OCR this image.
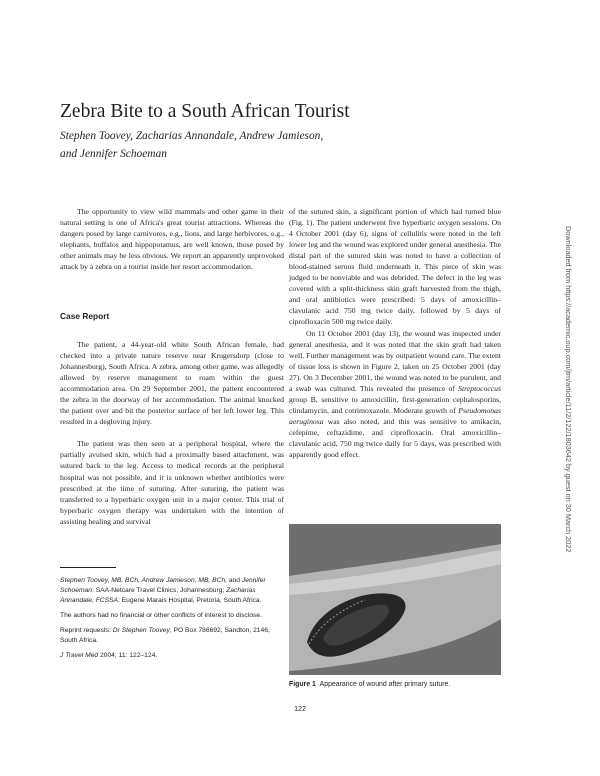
Zebra Bite to a South African Tourist
Stephen Toovey, Zacharias Annandale, Andrew Jamieson,
and Jennifer Schoeman

The opportunity to view wild mammals and other game in their natural setting is one of Africa's great tourist attractions. Whereas the dangers posed by large carnivores, e.g., lions, and large herbivores, e.g., elephants, buffalos and hippopotamus, are well known, those posed by other animals may be less obvious. We report an apparently unprovoked attack by a zebra on a tourist inside her resort accommodation.

Case Report

The patient, a 44-year-old white South African female, had checked into a private nature reserve near Krugersdorp (close to Johannesburg), South Africa. A zebra, among other game, was allegedly allowed by reserve management to roam within the guest accommodation area. On 29 September 2001, the patient encountered the zebra in the doorway of her accommodation. The animal knocked the patient over and bit the posterior surface of her left lower leg. This resulted in a degloving injury.

The patient was then seen at a peripheral hospital, where the partially avulsed skin, which had a proximally based attachment, was sutured back to the leg. Access to medical records at the peripheral hospital was not possible, and it is unknown whether antibiotics were prescribed at the time of suturing. After suturing, the patient was transferred to a hyperbaric oxygen unit in a major center. This trial of hyperbaric oxygen therapy was undertaken with the intention of assisting healing and survival

of the sutured skin, a significant portion of which had turned blue (Fig. 1). The patient underwent five hyperbaric oxygen sessions. On 4 October 2001 (day 6), signs of cellulitis were noted in the left lower leg and the wound was explored under general anesthesia. The distal part of the sutured skin was noted to have a collection of blood-stained serous fluid underneath it. This piece of skin was judged to be nonviable and was debrided. The defect in the leg was covered with a split-thickness skin graft harvested from the thigh, and oral antibiotics were prescribed: 5 days of amoxicillin–clavulanic acid 750 mg twice daily, followed by 5 days of ciprofloxacin 500 mg twice daily.

On 11 October 2001 (day 13), the wound was inspected under general anesthesia, and it was noted that the skin graft had taken well. Further management was by outpatient wound care. The extent of tissue loss is shown in Figure 2, taken on 25 October 2001 (day 27). On 3 December 2001, the wound was noted to be purulent, and a swab was cultured. This revealed the presence of Streptococcus group B, sensitive to amoxicillin, first-generation cephalosporins, clindamycin, and cotrimoxazole. Moderate growth of Pseudomonas aeruginosa was also noted, and this was sensitive to amikacin, cefepime, ceftazidime, and ciprofloxacin. Oral amoxicillin–clavulanic acid, 750 mg twice daily for 5 days, was prescribed with apparently good effect.

Stephen Toovey, MB, BCh, Andrew Jamieson, MB, BCh, and Jennifer Schoeman: SAA-Netcare Travel Clinics, Johannesburg; Zacharias Annandale, FCSSA: Eugene Marais Hospital, Pretoria, South Africa.

The authors had no financial or other conflicts of interest to disclose.

Reprint requests: Dr Stephen Toovey, PO Box 786692, Sandton, 2146, South Africa.

J Travel Med 2004; 11: 122–124.

Figure 1 Appearance of wound after primary suture.
122
Downloaded from https://academic.oup.com/jtm/article/11/2/122/1803642 by guest on 30 March 2022
